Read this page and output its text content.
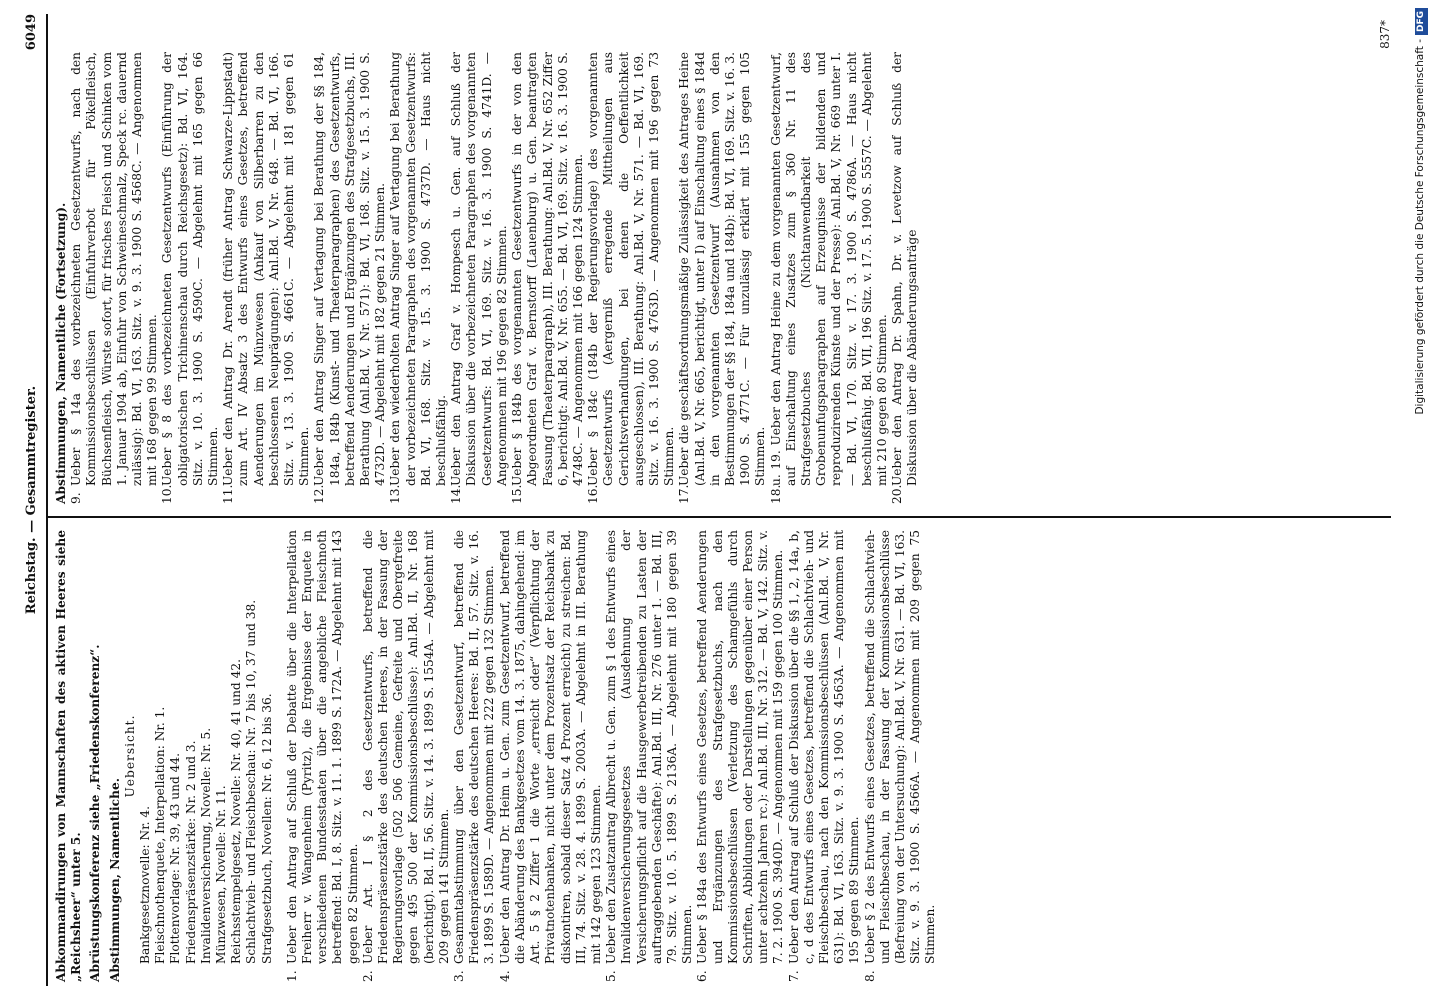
Reichstag. — Gesammtregister.
6049

Abkommandirungen von Mannschaften des aktiven Heeres siehe „Reichsheer“ unter 5. Abrüstungskonferenz siehe „Friedenskonferenz“. Abstimmungen, Namentliche.

Uebersicht.

Bankgesetznovelle: Nr. 4. Fleischnothenquete, Interpellation: Nr. 1. Flottenvorlage: Nr. 39, 43 und 44. Friedenspräsenzstärke: Nr. 2 und 3. Invalidenversicherung, Novelle: Nr. 5. Münzwesen, Novelle: Nr. 11. Reichsstempelgesetz, Novelle: Nr. 40, 41 und 42. Schlachtvieh- und Fleischbeschau: Nr. 7 bis 10, 37 und 38. Strafgesetzbuch, Novellen: Nr. 6, 12 bis 36.

1.Ueber den Antrag auf Schluß der Debatte über die Interpellation Freiherr v. Wangenheim (Pyritz), die Ergebnisse der Enquete in verschiedenen Bundesstaaten über die angebliche Fleischnoth betreffend: Bd. I, 8. Sitz. v. 11. 1. 1899 S. 172A. — Abgelehnt mit 143 gegen 82 Stimmen.

2.Ueber Art. I § 2 des Gesetzentwurfs, betreffend die Friedenspräsenzstärke des deutschen Heeres, in der Fassung der Regierungsvorlage (502 506 Gemeine, Gefreite und Obergefreite gegen 495 500 der Kommissionsbeschlüsse): Anl.Bd. II, Nr. 168 (berichtigt). Bd. II, 56. Sitz. v. 14. 3. 1899 S. 1554A. — Abgelehnt mit 209 gegen 141 Stimmen.

3.Gesammtabstimmung über den Gesetzentwurf, betreffend die Friedenspräsenzstärke des deutschen Heeres: Bd. II, 57. Sitz. v. 16. 3. 1899 S. 1589D. — Angenommen mit 222 gegen 132 Stimmen.

4.Ueber den Antrag Dr. Heim u. Gen. zum Gesetzentwurf, betreffend die Abänderung des Bankgesetzes vom 14. 3. 1875, dahingehend: im Art. 5 § 2 Ziffer 1 die Worte „erreicht oder“ (Verpflichtung der Privatnotenbanken, nicht unter dem Prozentsatz der Reichsbank zu diskontiren, sobald dieser Satz 4 Prozent erreicht) zu streichen: Bd. III, 74. Sitz. v. 28. 4. 1899 S. 2003A. — Abgelehnt in III. Berathung mit 142 gegen 123 Stimmen.

5.Ueber den Zusatzantrag Albrecht u. Gen. zum § 1 des Entwurfs eines Invalidenversicherungsgesetzes (Ausdehnung der Versicherungspflicht auf die Hausgewerbetreibenden zu Lasten der auftraggebenden Geschäfte): Anl.Bd. III, Nr. 276 unter 1. — Bd. III, 79. Sitz. v. 10. 5. 1899 S. 2136A. — Abgelehnt mit 180 gegen 39 Stimmen.

6.Ueber § 184a des Entwurfs eines Gesetzes, betreffend Aenderungen und Ergänzungen des Strafgesetzbuchs, nach den Kommissionsbeschlüssen (Verletzung des Schamgefühls durch Schriften, Abbildungen oder Darstellungen gegenüber einer Person unter achtzehn Jahren rc.): Anl.Bd. III, Nr. 312. — Bd. V, 142. Sitz. v. 7. 2. 1900 S. 3940D. — Angenommen mit 159 gegen 100 Stimmen.

7.Ueber den Antrag auf Schluß der Diskussion über die §§ 1, 2, 14a, b, c, d des Entwurfs eines Gesetzes, betreffend die Schlachtvieh- und Fleischbeschau, nach den Kommissionsbeschlüssen (Anl.Bd. V, Nr. 631): Bd. VI, 163. Sitz. v. 9. 3. 1900 S. 4563A. — Angenommen mit 195 gegen 89 Stimmen.

8.Ueber § 2 des Entwurfs eines Gesetzes, betreffend die Schlachtvieh- und Fleischbeschau, in der Fassung der Kommissionsbeschlüsse (Befreiung von der Untersuchung): Anl.Bd. V, Nr. 631. — Bd. VI, 163. Sitz. v. 9. 3. 1900 S. 4566A. — Angenommen mit 209 gegen 75 Stimmen.

Abstimmungen, Namentliche (Fortsetzung). 9.Ueber § 14a des vorbezeichneten Gesetzentwurfs, nach den Kommissionsbeschlüssen (Einfuhrverbot für Pökelfleisch, Büchsenfleisch, Würste sofort, für frisches Fleisch und Schinken vom 1. Januar 1904 ab, Einfuhr von Schweineschmalz, Speck rc. dauernd zulässig): Bd. VI, 163. Sitz. v. 9. 3. 1900 S. 4568C. — Angenommen mit 168 gegen 99 Stimmen.

10.Ueber § 8 des vorbezeichneten Gesetzentwurfs (Einführung der obligatorischen Trichinenschau durch Reichsgesetz): Bd. VI, 164. Sitz. v. 10. 3. 1900 S. 4590C. — Abgelehnt mit 165 gegen 66 Stimmen.

11.Ueber den Antrag Dr. Arendt (früher Antrag Schwarze-Lippstadt) zum Art. IV Absatz 3 des Entwurfs eines Gesetzes, betreffend Aenderungen im Münzwesen (Ankauf von Silberbarren zu den beschlossenen Neuprägungen): Anl.Bd. V, Nr. 648. — Bd. VI, 166. Sitz. v. 13. 3. 1900 S. 4661C. — Abgelehnt mit 181 gegen 61 Stimmen.

12.Ueber den Antrag Singer auf Vertagung bei Berathung der §§ 184, 184a, 184b (Kunst- und Theaterparagraphen) des Gesetzentwurfs, betreffend Aenderungen und Ergänzungen des Strafgesetzbuchs, III. Berathung (Anl.Bd. V, Nr. 571): Bd. VI, 168. Sitz. v. 15. 3. 1900 S. 4732D. — Abgelehnt mit 182 gegen 21 Stimmen.

13.Ueber den wiederholten Antrag Singer auf Vertagung bei Berathung der vorbezeichneten Paragraphen des vorgenannten Gesetzentwurfs: Bd. VI, 168. Sitz. v. 15. 3. 1900 S. 4737D. — Haus nicht beschlußfähig.

14.Ueber den Antrag Graf v. Hompesch u. Gen. auf Schluß der Diskussion über die vorbezeichneten Paragraphen des vorgenannten Gesetzentwurfs: Bd. VI, 169. Sitz. v. 16. 3. 1900 S. 4741D. — Angenommen mit 196 gegen 82 Stimmen.

15.Ueber § 184b des vorgenannten Gesetzentwurfs in der von den Abgeordneten Graf v. Bernstorff (Lauenburg) u. Gen. beantragten Fassung (Theaterparagraph), III. Berathung: Anl.Bd. V, Nr. 652 Ziffer 6, berichtigt: Anl.Bd. V, Nr. 655. — Bd. VI, 169. Sitz. v. 16. 3. 1900 S. 4748C. — Angenommen mit 166 gegen 124 Stimmen.

16.Ueber § 184c (184b der Regierungsvorlage) des vorgenannten Gesetzentwurfs (Aergerniß erregende Mittheilungen aus Gerichtsverhandlungen, bei denen die Oeffentlichkeit ausgeschlossen), III. Berathung: Anl.Bd. V, Nr. 571. — Bd. VI, 169. Sitz. v. 16. 3. 1900 S. 4763D. — Angenommen mit 196 gegen 73 Stimmen.

17.Ueber die geschäftsordnungsmäßige Zulässigkeit des Antrages Heine (Anl.Bd. V, Nr. 665, berichtigt, unter I) auf Einschaltung eines § 184d in den vorgenannten Gesetzentwurf (Ausnahmen von den Bestimmungen der §§ 184, 184a und 184b): Bd. VI, 169. Sitz. v. 16. 3. 1900 S. 4771C. — Für unzulässig erklärt mit 155 gegen 105 Stimmen.

18.u. 19. Ueber den Antrag Heine zu dem vorgenannten Gesetzentwurf, auf Einschaltung eines Zusatzes zum § 360 Nr. 11 des Strafgesetzbuches (Nichtanwendbarkeit des Grobenunfugsparagraphen auf Erzeugnisse der bildenden und reproduzirenden Künste und der Presse): Anl.Bd. V, Nr. 669 unter I. — Bd. VI, 170. Sitz. v. 17. 3. 1900 S. 4786A. — Haus nicht beschlußfähig. Bd. VII, 196 Sitz. v. 17. 5. 1900 S. 5557C. — Abgelehnt mit 210 gegen 80 Stimmen.

20.Ueber den Antrag Dr. Spahn, Dr. v. Levetzow auf Schluß der Diskussion über die Abänderungsanträge

837*
Digitalisierung gefördert durch die Deutsche Forschungsgemeinschaft -DFG
